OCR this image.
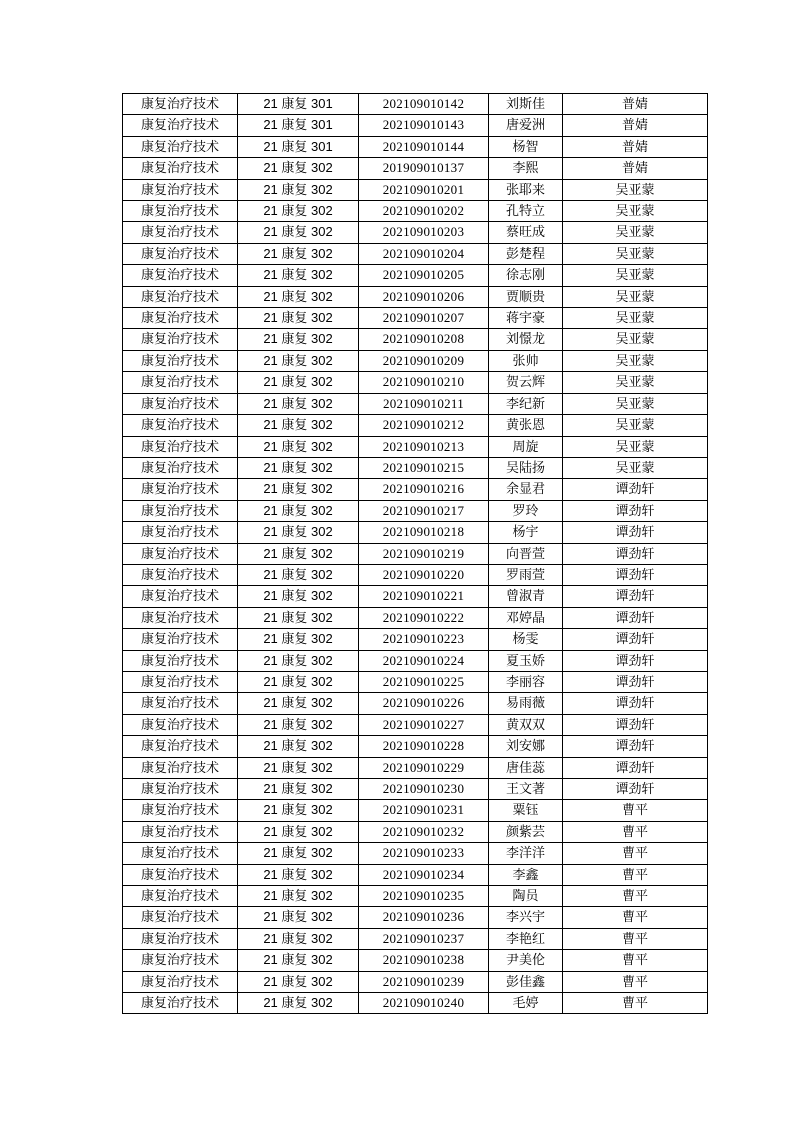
康复治疗技术	21 康复 301	202109010142	刘斯佳	普婧
康复治疗技术	21 康复 301	202109010143	唐爱洲	普婧
康复治疗技术	21 康复 301	202109010144	杨智	普婧
康复治疗技术	21 康复 302	201909010137	李熙	普婧
康复治疗技术	21 康复 302	202109010201	张耶来	吴亚蒙
康复治疗技术	21 康复 302	202109010202	孔特立	吴亚蒙
康复治疗技术	21 康复 302	202109010203	蔡旺成	吴亚蒙
康复治疗技术	21 康复 302	202109010204	彭楚程	吴亚蒙
康复治疗技术	21 康复 302	202109010205	徐志刚	吴亚蒙
康复治疗技术	21 康复 302	202109010206	贾顺贵	吴亚蒙
康复治疗技术	21 康复 302	202109010207	蒋宇豪	吴亚蒙
康复治疗技术	21 康复 302	202109010208	刘憬龙	吴亚蒙
康复治疗技术	21 康复 302	202109010209	张帅	吴亚蒙
康复治疗技术	21 康复 302	202109010210	贺云辉	吴亚蒙
康复治疗技术	21 康复 302	202109010211	李纪新	吴亚蒙
康复治疗技术	21 康复 302	202109010212	黄张恩	吴亚蒙
康复治疗技术	21 康复 302	202109010213	周旋	吴亚蒙
康复治疗技术	21 康复 302	202109010215	吴陆扬	吴亚蒙
康复治疗技术	21 康复 302	202109010216	余显君	谭劲轩
康复治疗技术	21 康复 302	202109010217	罗玲	谭劲轩
康复治疗技术	21 康复 302	202109010218	杨宇	谭劲轩
康复治疗技术	21 康复 302	202109010219	向晋萱	谭劲轩
康复治疗技术	21 康复 302	202109010220	罗雨萱	谭劲轩
康复治疗技术	21 康复 302	202109010221	曾淑青	谭劲轩
康复治疗技术	21 康复 302	202109010222	邓婷晶	谭劲轩
康复治疗技术	21 康复 302	202109010223	杨雯	谭劲轩
康复治疗技术	21 康复 302	202109010224	夏玉娇	谭劲轩
康复治疗技术	21 康复 302	202109010225	李丽容	谭劲轩
康复治疗技术	21 康复 302	202109010226	易雨薇	谭劲轩
康复治疗技术	21 康复 302	202109010227	黄双双	谭劲轩
康复治疗技术	21 康复 302	202109010228	刘安娜	谭劲轩
康复治疗技术	21 康复 302	202109010229	唐佳蕊	谭劲轩
康复治疗技术	21 康复 302	202109010230	王文著	谭劲轩
康复治疗技术	21 康复 302	202109010231	粟钰	曹平
康复治疗技术	21 康复 302	202109010232	颜紫芸	曹平
康复治疗技术	21 康复 302	202109010233	李洋洋	曹平
康复治疗技术	21 康复 302	202109010234	李鑫	曹平
康复治疗技术	21 康复 302	202109010235	陶员	曹平
康复治疗技术	21 康复 302	202109010236	李兴宇	曹平
康复治疗技术	21 康复 302	202109010237	李艳红	曹平
康复治疗技术	21 康复 302	202109010238	尹美伦	曹平
康复治疗技术	21 康复 302	202109010239	彭佳鑫	曹平
康复治疗技术	21 康复 302	202109010240	毛婷	曹平
